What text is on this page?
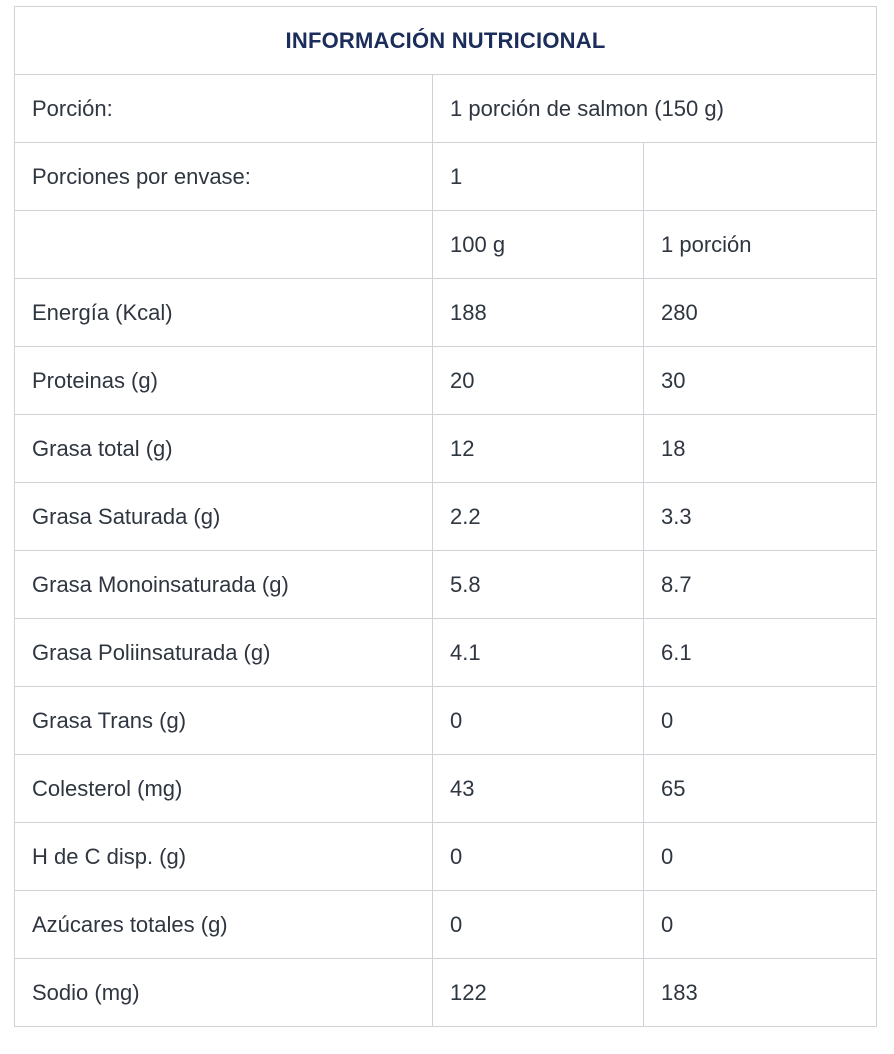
INFORMACIÓN NUTRICIONAL		
Porción:	1 porción de salmon (150 g)	
Porciones por envase:	1	
	100 g	1 porción
Energía (Kcal)	188	280
Proteinas (g)	20	30
Grasa total (g)	12	18
Grasa Saturada (g)	2.2	3.3
Grasa Monoinsaturada (g)	5.8	8.7
Grasa Poliinsaturada (g)	4.1	6.1
Grasa Trans (g)	0	0
Colesterol (mg)	43	65
H de C disp. (g)	0	0
Azúcares totales (g)	0	0
Sodio (mg)	122	183
